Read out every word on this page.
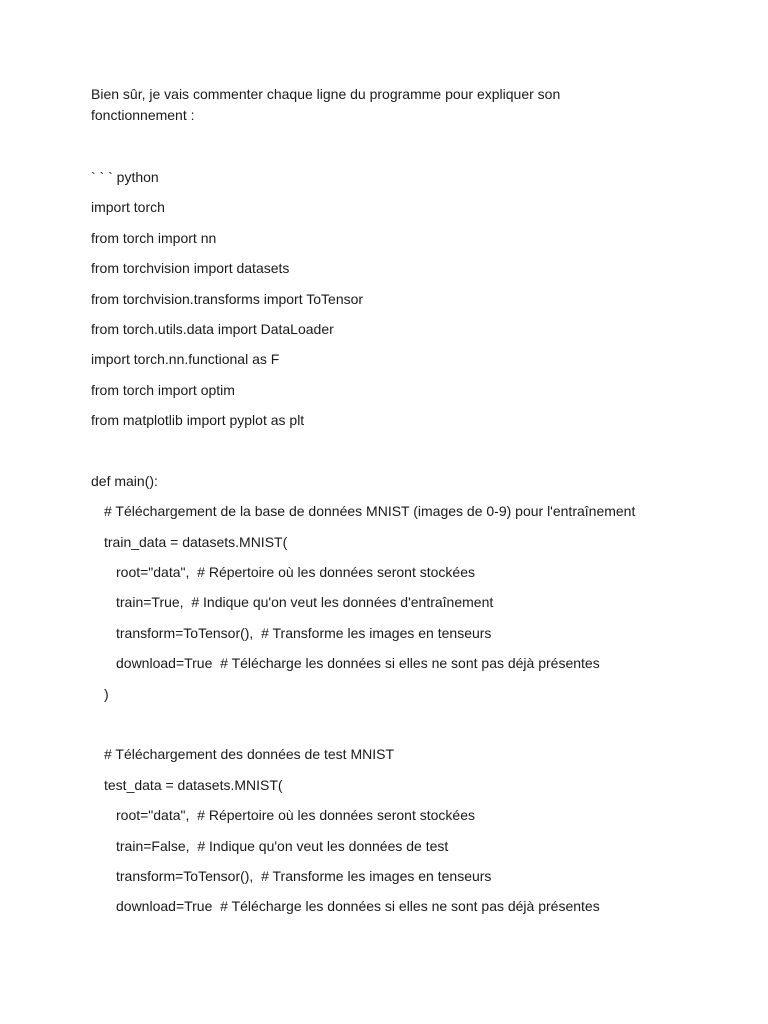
Bien sûr, je vais commenter chaque ligne du programme pour expliquer son fonctionnement :

` ` ` python
import torch
from torch import nn
from torchvision import datasets
from torchvision.transforms import ToTensor
from torch.utils.data import DataLoader
import torch.nn.functional as F
from torch import optim
from matplotlib import pyplot as plt
def main():
# Téléchargement de la base de données MNIST (images de 0-9) pour l'entraînement
train_data = datasets.MNIST(
root="data",  # Répertoire où les données seront stockées
train=True,  # Indique qu'on veut les données d'entraînement
transform=ToTensor(),  # Transforme les images en tenseurs
download=True  # Télécharge les données si elles ne sont pas déjà présentes
)
# Téléchargement des données de test MNIST
test_data = datasets.MNIST(
root="data",  # Répertoire où les données seront stockées
train=False,  # Indique qu'on veut les données de test
transform=ToTensor(),  # Transforme les images en tenseurs
download=True  # Télécharge les données si elles ne sont pas déjà présentes
